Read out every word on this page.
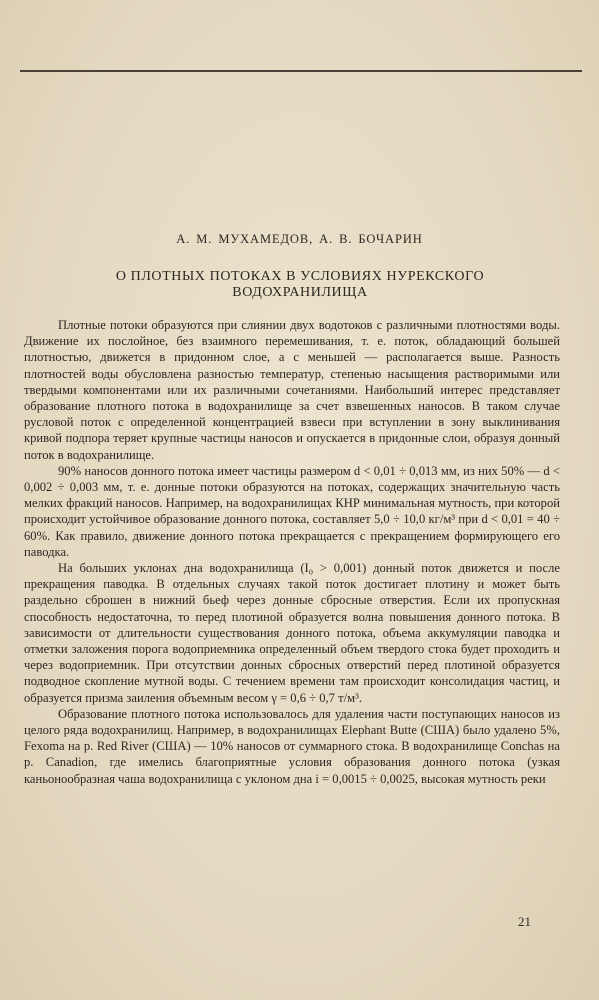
А. М. МУХАМЕДОВ, А. В. БОЧАРИН
О ПЛОТНЫХ ПОТОКАХ В УСЛОВИЯХ НУРЕКСКОГО ВОДОХРАНИЛИЩА

Плотные потоки образуются при слиянии двух водотоков с различными плотностями воды. Движение их послойное, без взаимного перемешивания, т. е. поток, обладающий большей плотностью, движется в придонном слое, а с меньшей — располагается выше. Разность плотностей воды обусловлена разностью температур, степенью насыщения растворимыми или твердыми компонентами или их различными сочетаниями. Наибольший интерес представляет образование плотного потока в водохранилище за счет взвешенных наносов. В таком случае русловой поток с определенной концентрацией взвеси при вступлении в зону выклинивания кривой подпора теряет крупные частицы наносов и опускается в придонные слои, образуя донный поток в водохранилище.

90% наносов донного потока имеет частицы размером d < 0,01 ÷ 0,013 мм, из них 50% — d < 0,002 ÷ 0,003 мм, т. е. донные потоки образуются на потоках, содержащих значительную часть мелких фракций наносов. Например, на водохранилищах КНР минимальная мутность, при которой происходит устойчивое образование донного потока, составляет 5,0 ÷ 10,0 кг/м³ при d < 0,01 = 40 ÷ 60%. Как правило, движение донного потока прекращается с прекращением формирующего его паводка.

На больших уклонах дна водохранилища (I₀ > 0,001) донный поток движется и после прекращения паводка. В отдельных случаях такой поток достигает плотину и может быть раздельно сброшен в нижний бьеф через донные сбросные отверстия. Если их пропускная способность недостаточна, то перед плотиной образуется волна повышения донного потока. В зависимости от длительности существования донного потока, объема аккумуляции паводка и отметки заложения порога водоприемника определенный объем твердого стока будет проходить и через водоприемник. При отсутствии донных сбросных отверстий перед плотиной образуется подводное скопление мутной воды. С течением времени там происходит консолидация частиц, и образуется призма заиления объемным весом γ = 0,6 ÷ 0,7 т/м³.

Образование плотного потока использовалось для удаления части поступающих наносов из целого ряда водохранилищ. Например, в водохранилищах Elephant Butte (США) было удалено 5%, Fexoma на р. Red River (США) — 10% наносов от суммарного стока. В водохранилище Conchas на р. Canadion, где имелись благоприятные условия образования донного потока (узкая каньонообразная чаша водохранилища с уклоном дна i = 0,0015 ÷ 0,0025, высокая мутность реки

21
